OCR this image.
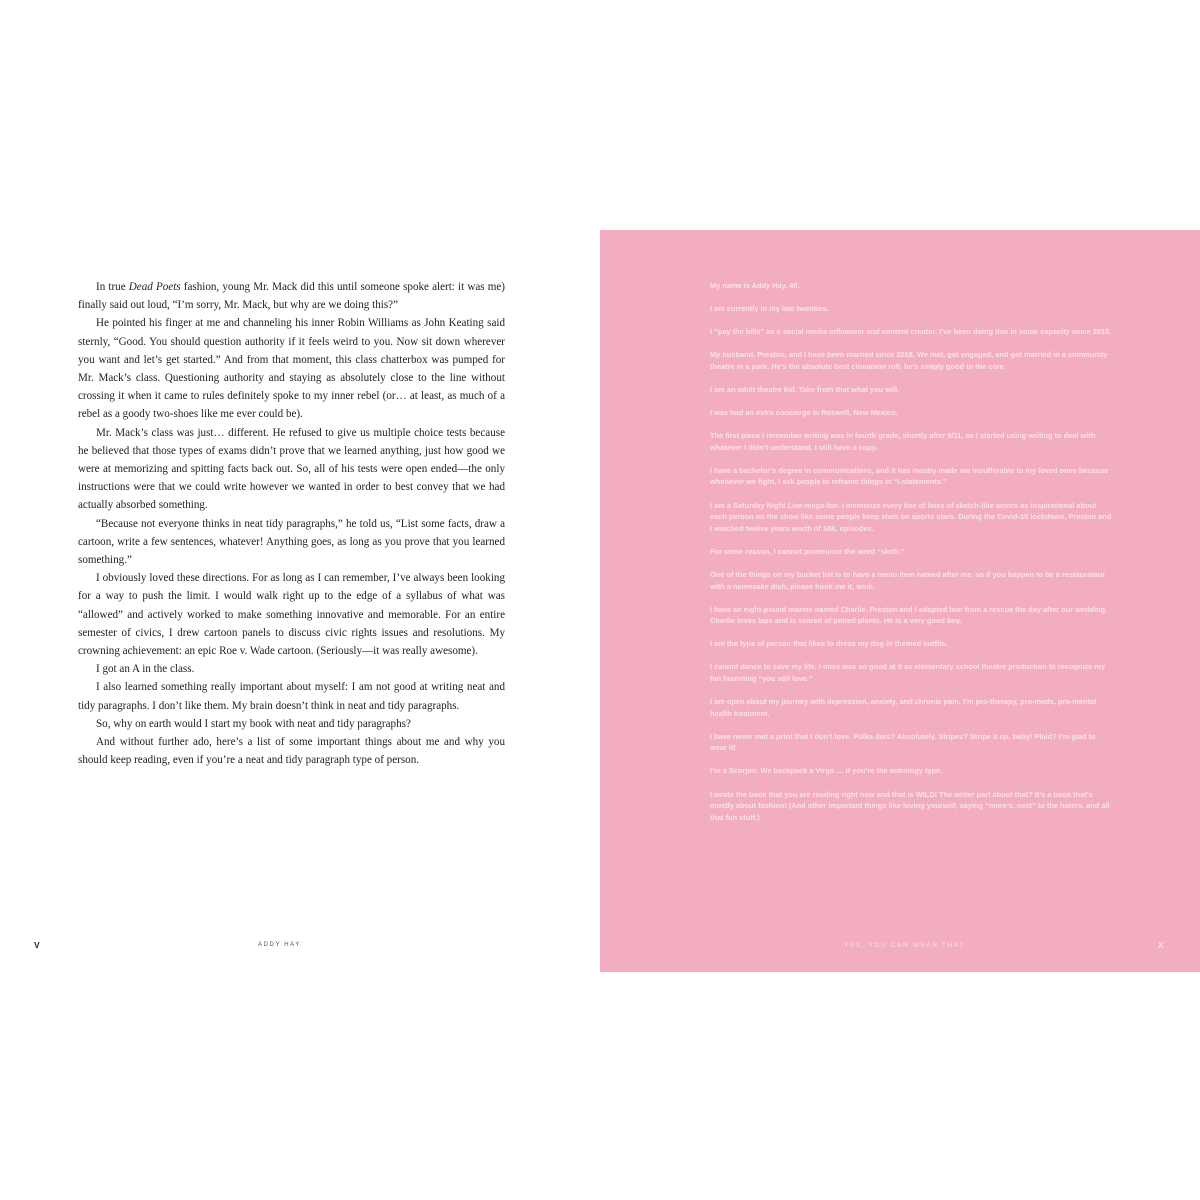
In true Dead Poets fashion, young Mr. Mack did this until someone spoke alert: it was me) finally said out loud, “I’m sorry, Mr. Mack, but why are we doing this?”

He pointed his finger at me and channeling his inner Robin Williams as John Keating said sternly, “Good. You should question authority if it feels weird to you. Now sit down wherever you want and let’s get started.” And from that moment, this class chatterbox was pumped for Mr. Mack’s class. Questioning authority and staying as absolutely close to the line without crossing it when it came to rules definitely spoke to my inner rebel (or… at least, as much of a rebel as a goody two-shoes like me ever could be).

Mr. Mack’s class was just… different. He refused to give us multiple choice tests because he believed that those types of exams didn’t prove that we learned anything, just how good we were at memorizing and spitting facts back out. So, all of his tests were open ended—the only instructions were that we could write however we wanted in order to best convey that we had actually absorbed something.

“Because not everyone thinks in neat tidy paragraphs,” he told us, “List some facts, draw a cartoon, write a few sentences, whatever! Anything goes, as long as you prove that you learned something.”

I obviously loved these directions. For as long as I can remember, I’ve always been looking for a way to push the limit. I would walk right up to the edge of a syllabus of what was “allowed” and actively worked to make something innovative and memorable. For an entire semester of civics, I drew cartoon panels to discuss civic rights issues and resolutions. My crowning achievement: an epic Roe v. Wade cartoon. (Seriously—it was really awesome).

I got an A in the class.

I also learned something really important about myself: I am not good at writing neat and tidy paragraphs. I don’t like them. My brain doesn’t think in neat and tidy paragraphs.

So, why on earth would I start my book with neat and tidy paragraphs?

And without further ado, here’s a list of some important things about me and why you should keep reading, even if you’re a neat and tidy paragraph type of person.

V	ADDY HAY
My name is Addy Hay, 40.
I am currently in my late twenties.
I “pay the bills” as a social media influencer and content creator. I’ve been doing this in some capacity since 2015.
My husband, Preston, and I have been married since 2018. We met, got engaged, and got married in a community theatre in a park. He’s the absolute best cinnamon roll, he’s simply good to the core.
I am an adult theatre kid. Take from that what you will.
I was had an extra concierge in Roswell, New Mexico.
The first piece I remember writing was in fourth grade, shortly after 9/11, as I started using writing to deal with whatever I didn’t understand. I still have a copy.
I have a bachelor’s degree in communications, and it has mostly made me insufferable to my loved ones because whenever we fight, I ask people to reframe things in “I-statements.”
I am a Saturday Night Live-mega-fan. I memorize every line of lines of sketch-like actors as inspirational about each person on the show like some people keep stats on sports stars. During the Covid-19 lockdown, Preston and I watched twelve years worth of SNL episodes.
For some reason, I cannot pronounce the word “sloth.”
One of the things on my bucket list is to have a menu item named after me, so if you happen to be a restaurateur with a namesake dish, please hook me it, wink.
I have an eight-pound marine named Charlie. Preston and I adopted him from a rescue the day after our wedding. Charlie loves laps and is scared of potted plants. He is a very good boy.
I am the type of person that likes to dress my dog in themed outfits.
I cannot dance to save my life. I once was so good at it as elementary school theatre production to recognize my fan humming “you still love.”
I am open about my journey with depression, anxiety, and chronic pain. I’m pro-therapy, pro-meds, pro-mental health treatment.
I have never met a print that I don’t love. Polka dots? Absolutely. Stripes? Stripe it up, baby! Plaid? I’m glad to wear it!
I’m a Scorpio. We backpack a Virgo … if you’re the astrology type.
I wrote the book that you are reading right now and that is WILD! The writer part about that? It’s a book that’s mostly about fashion! (And other important things like loving yourself, saying “more’s, next” to the haters, and all that fun stuff.)
YES, YOU CAN WEAR THAT	X
